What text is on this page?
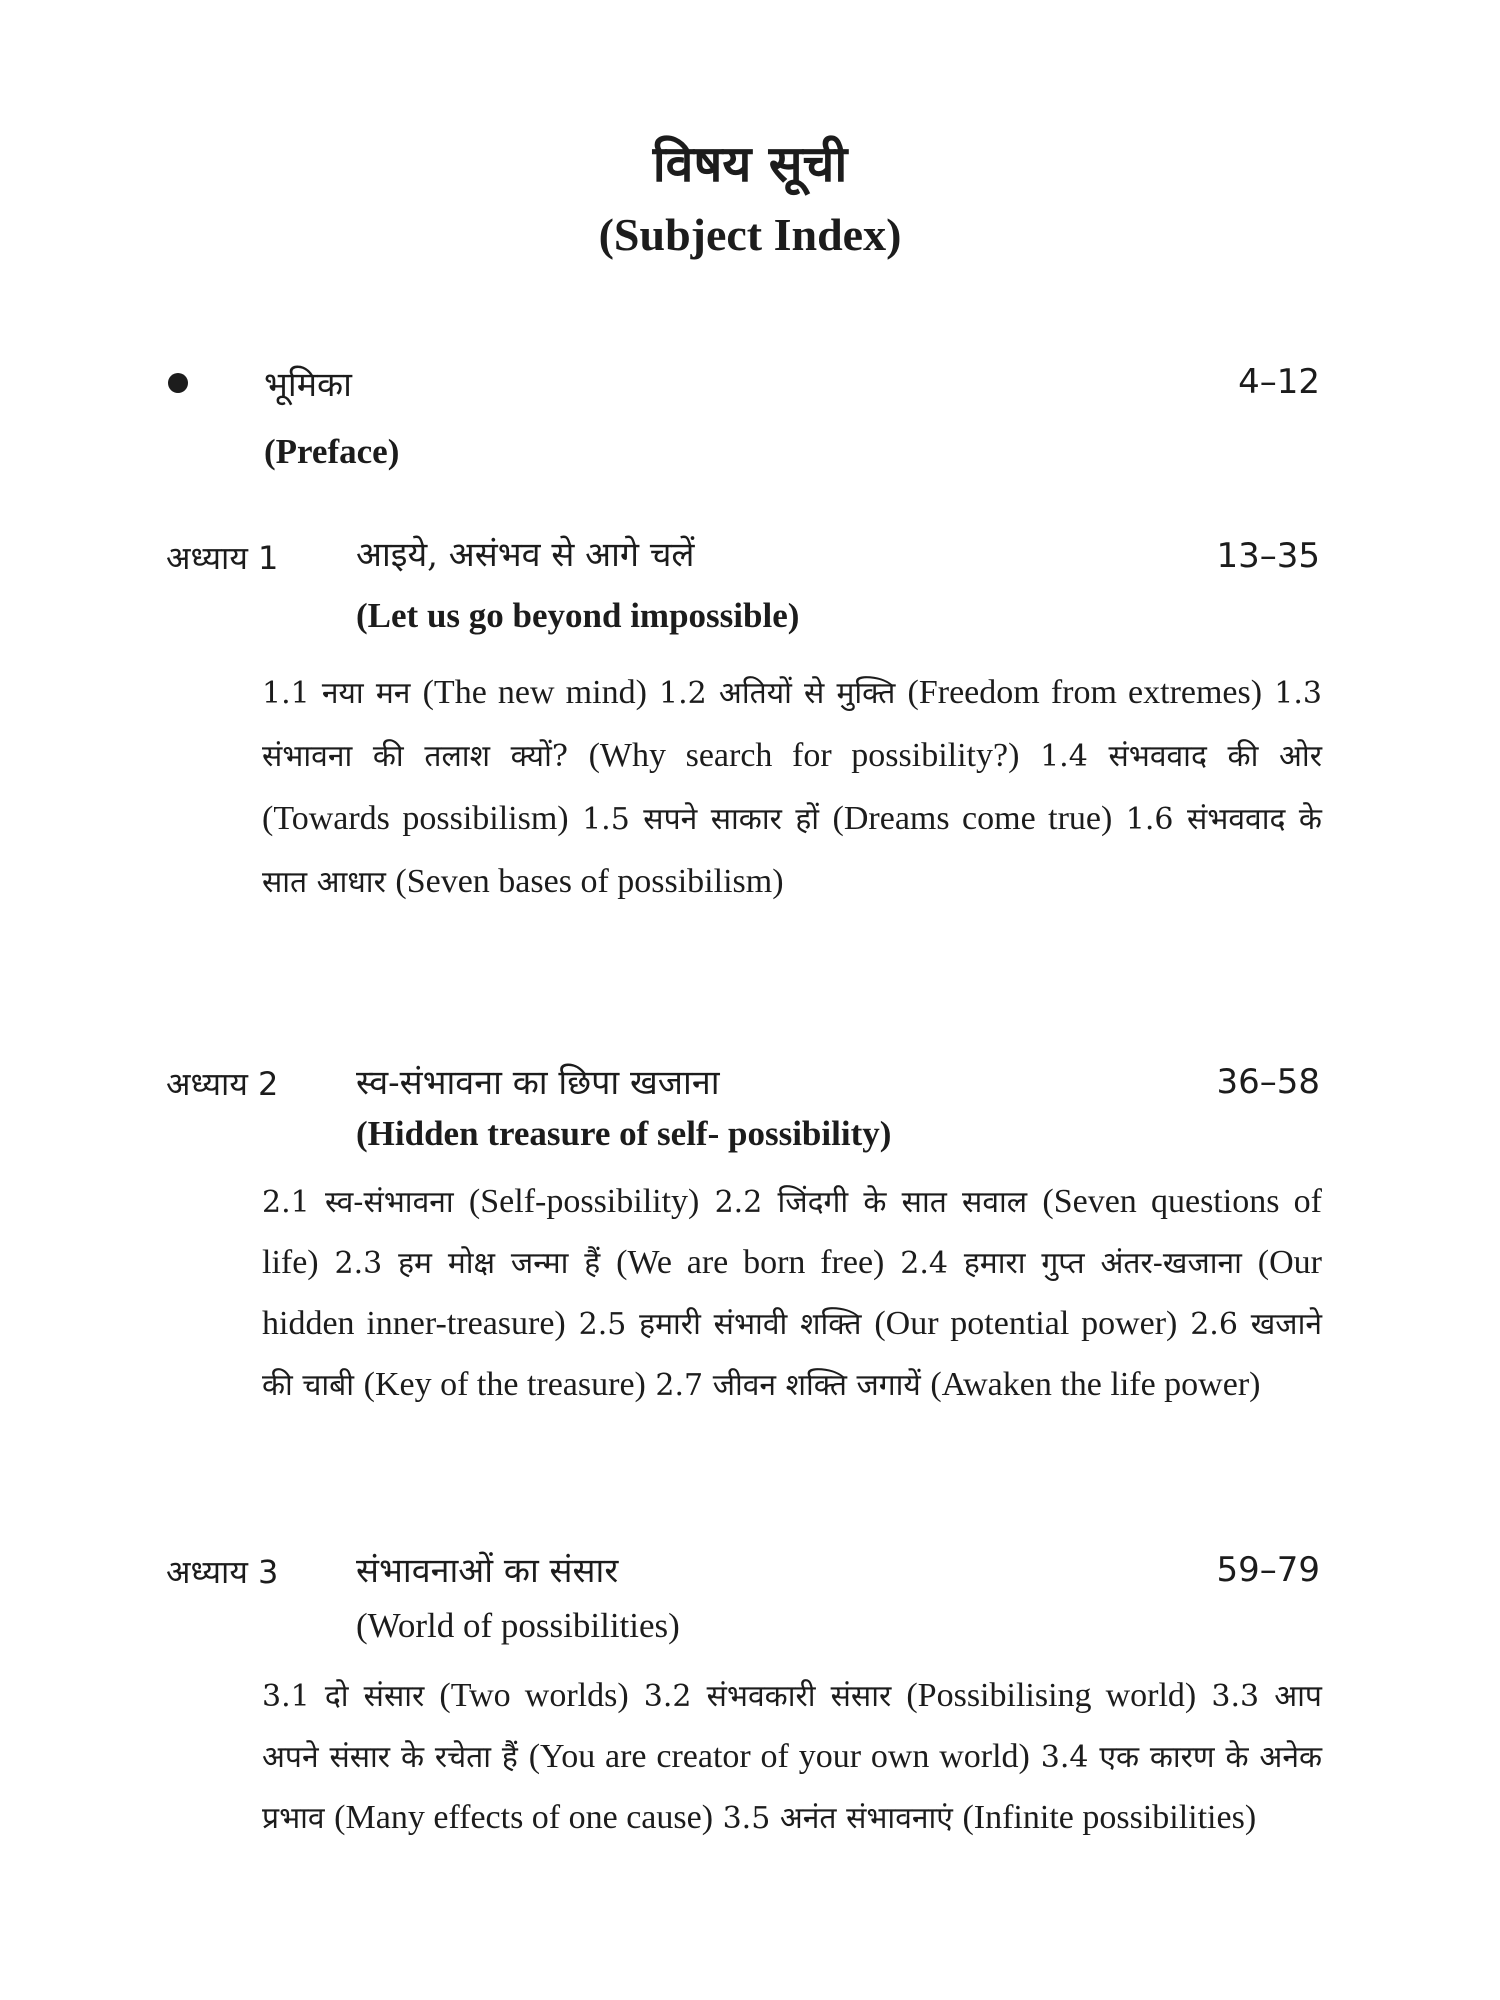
विषय सूची
(Subject Index)
भूमिका	4–12
(Preface)
अध्याय 1 आइये, असंभव से आगे चलें	13–35
(Let us go beyond impossible)
1.1 नया मन (The new mind) 1.2 अतियों से मुक्ति (Freedom from extremes) 1.3 संभावना की तलाश क्यों? (Why search for possibility?) 1.4 संभववाद की ओर (Towards possibilism) 1.5 सपने साकार हों (Dreams come true) 1.6 संभववाद के सात आधार (Seven bases of possibilism)
अध्याय 2 स्व-संभावना का छिपा खजाना	36–58
(Hidden treasure of self- possibility)
2.1 स्व-संभावना (Self-possibility) 2.2 जिंदगी के सात सवाल (Seven questions of life) 2.3 हम मोक्ष जन्मा हैं (We are born free) 2.4 हमारा गुप्त अंतर-खजाना (Our hidden inner-treasure) 2.5 हमारी संभावी शक्ति (Our potential power) 2.6 खजाने की चाबी (Key of the treasure) 2.7 जीवन शक्ति जगायें (Awaken the life power)
अध्याय 3 संभावनाओं का संसार	59–79
(World of possibilities)
3.1 दो संसार (Two worlds) 3.2 संभवकारी संसार (Possibilising world) 3.3 आप अपने संसार के रचेता हैं (You are creator of your own world) 3.4 एक कारण के अनेक प्रभाव (Many effects of one cause) 3.5 अनंत संभावनाएं (Infinite possibilities)
